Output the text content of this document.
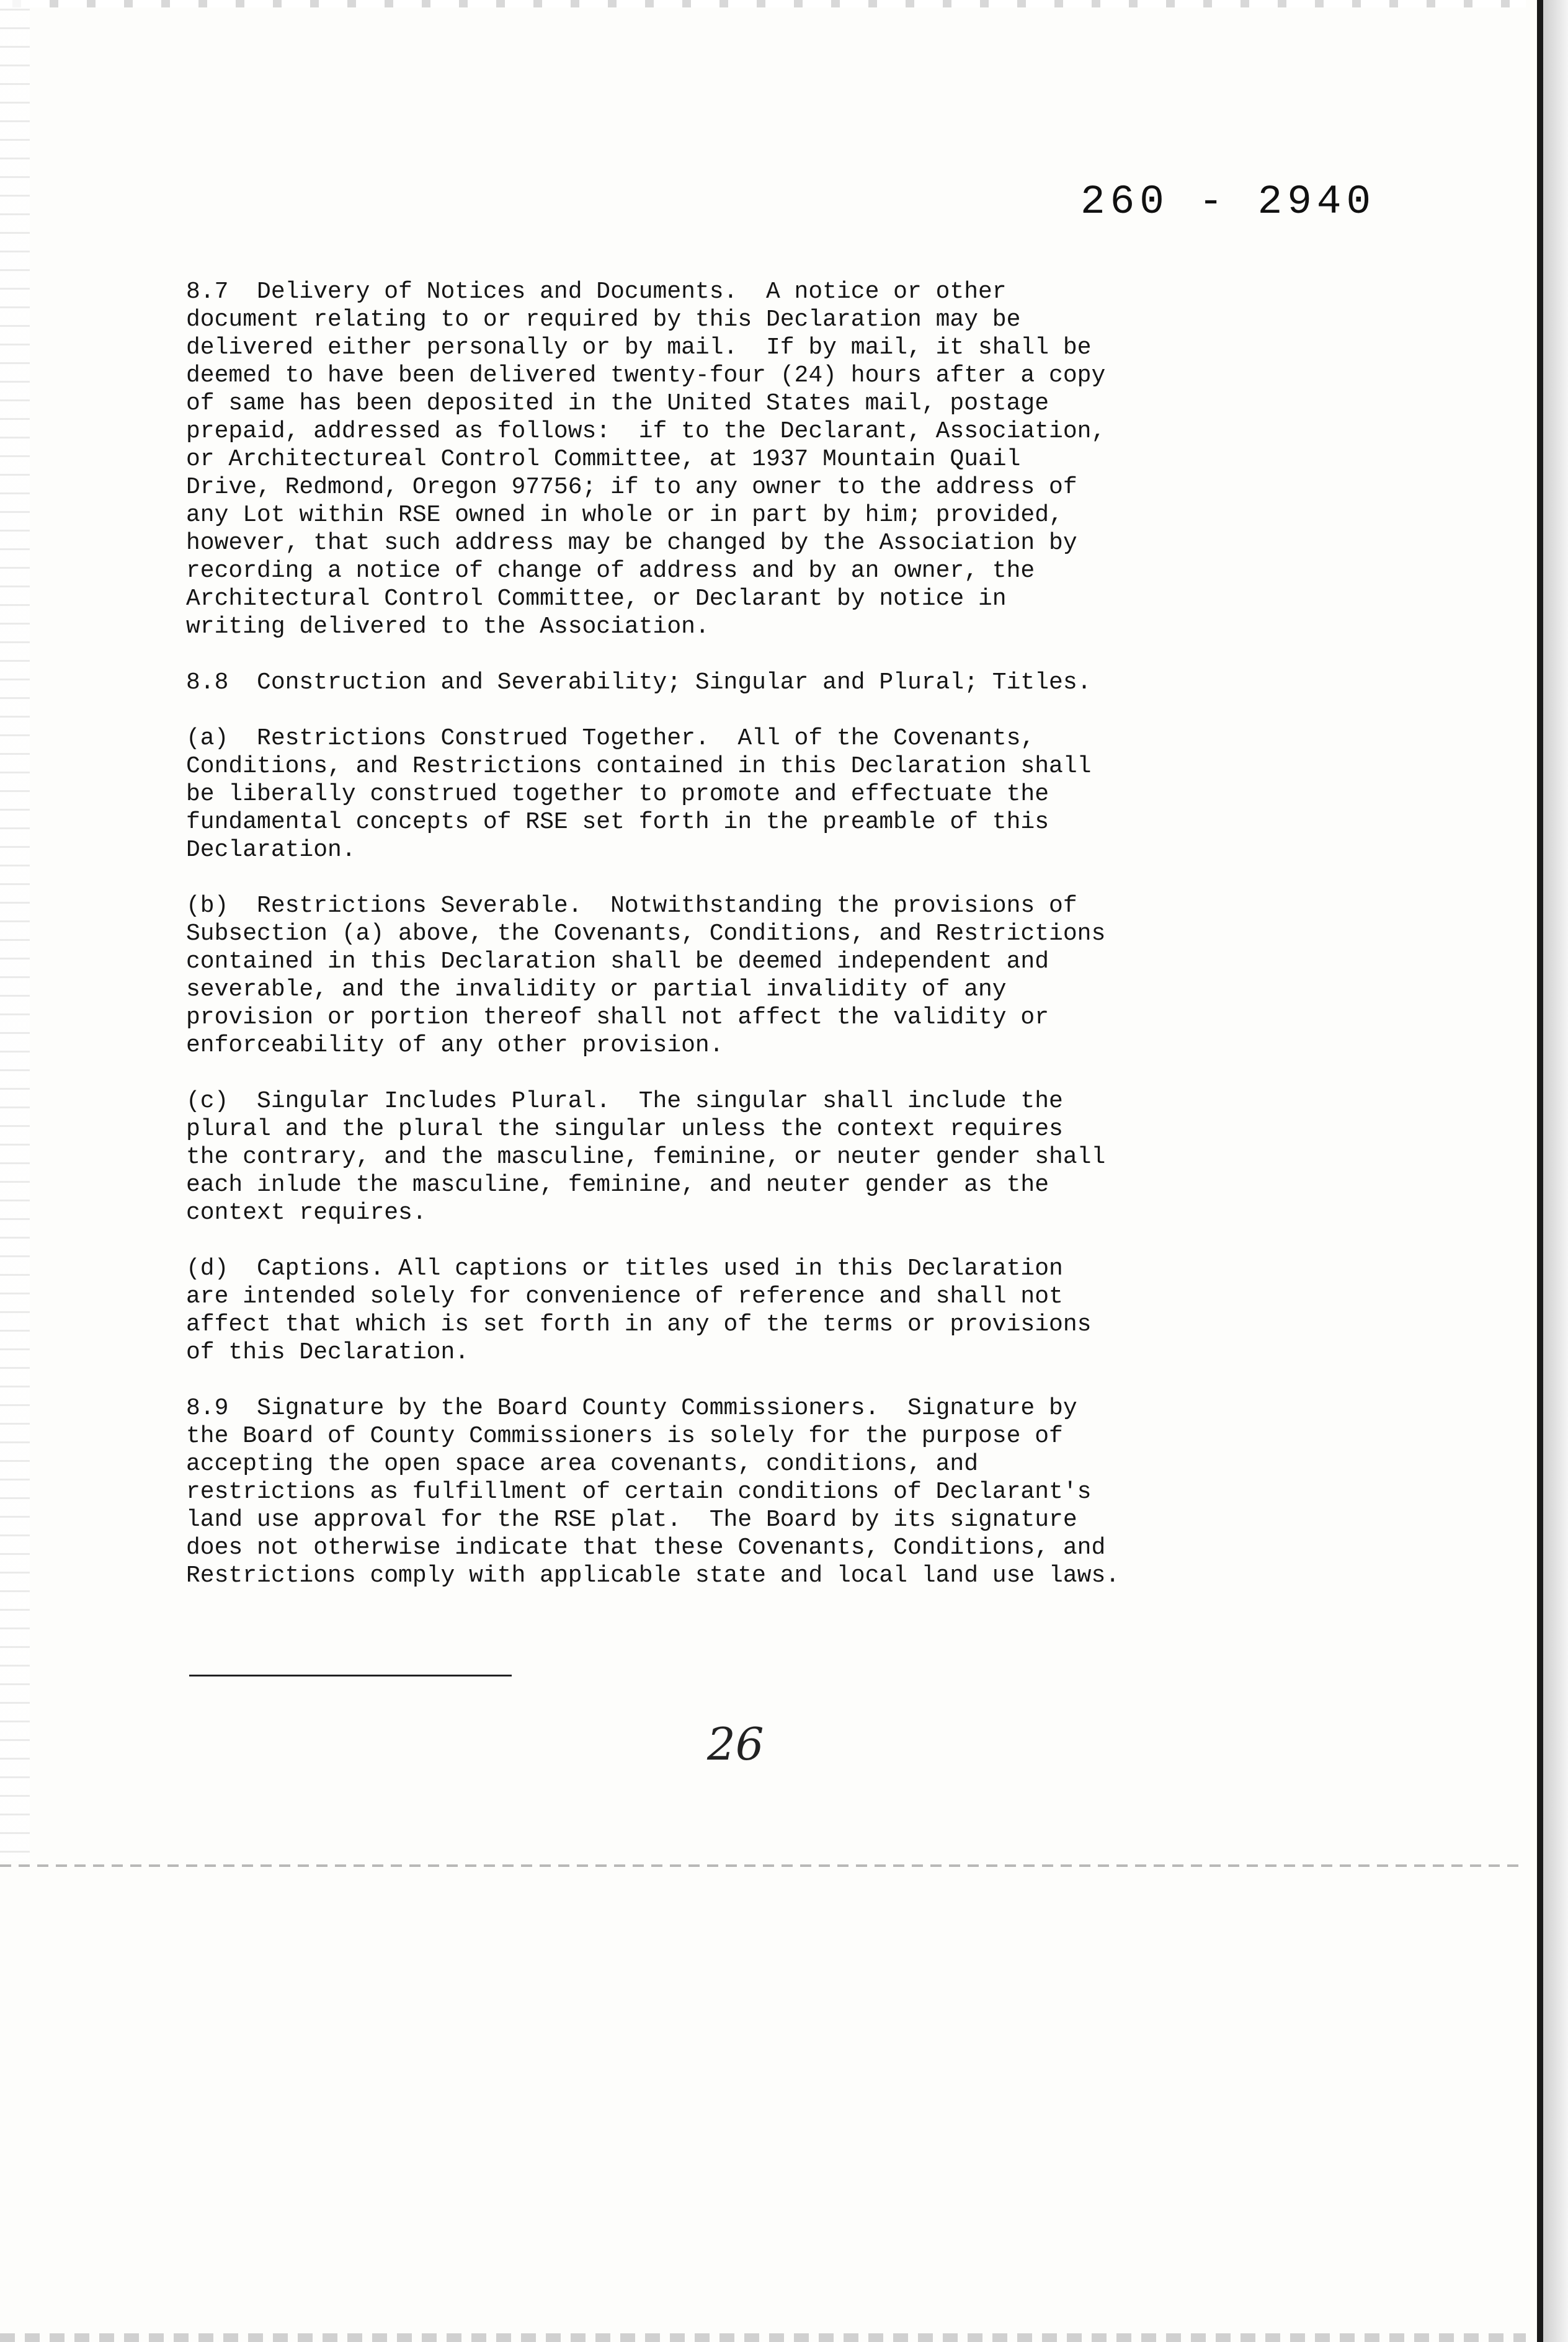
260 - 2940

8.7  Delivery of Notices and Documents.  A notice or other

document relating to or required by this Declaration may be

delivered either personally or by mail.  If by mail, it shall be

deemed to have been delivered twenty-four (24) hours after a copy

of same has been deposited in the United States mail, postage

prepaid, addressed as follows:  if to the Declarant, Association,

or Architectureal Control Committee, at 1937 Mountain Quail

Drive, Redmond, Oregon 97756; if to any owner to the address of

any Lot within RSE owned in whole or in part by him; provided,

however, that such address may be changed by the Association by

recording a notice of change of address and by an owner, the

Architectural Control Committee, or Declarant by notice in

writing delivered to the Association.

8.8  Construction and Severability; Singular and Plural; Titles.

(a)  Restrictions Construed Together.  All of the Covenants,

Conditions, and Restrictions contained in this Declaration shall

be liberally construed together to promote and effectuate the

fundamental concepts of RSE set forth in the preamble of this

Declaration.

(b)  Restrictions Severable.  Notwithstanding the provisions of

Subsection (a) above, the Covenants, Conditions, and Restrictions

contained in this Declaration shall be deemed independent and

severable, and the invalidity or partial invalidity of any

provision or portion thereof shall not affect the validity or

enforceability of any other provision.

(c)  Singular Includes Plural.  The singular shall include the

plural and the plural the singular unless the context requires

the contrary, and the masculine, feminine, or neuter gender shall

each inlude the masculine, feminine, and neuter gender as the

context requires.

(d)  Captions. All captions or titles used in this Declaration

are intended solely for convenience of reference and shall not

affect that which is set forth in any of the terms or provisions

of this Declaration.

8.9  Signature by the Board County Commissioners.  Signature by

the Board of County Commissioners is solely for the purpose of

accepting the open space area covenants, conditions, and

restrictions as fulfillment of certain conditions of Declarant's

land use approval for the RSE plat.  The Board by its signature

does not otherwise indicate that these Covenants, Conditions, and

Restrictions comply with applicable state and local land use laws.

26
